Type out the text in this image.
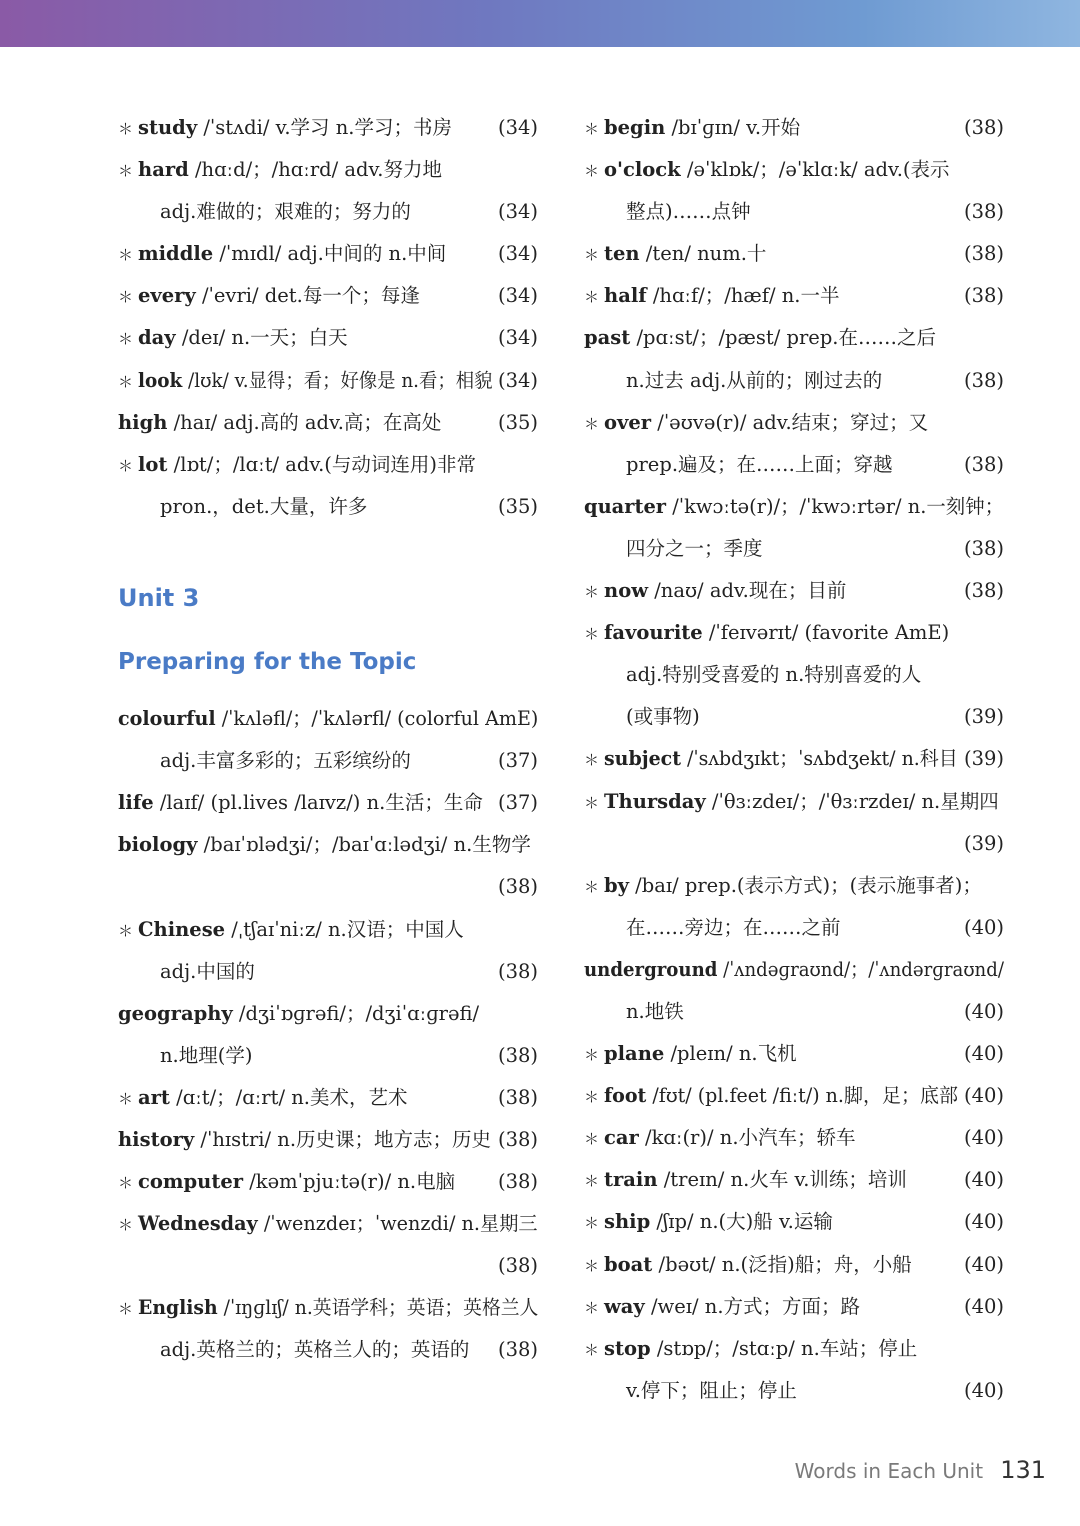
＊ study /ˈstʌdi/ v.学习 n.学习；书房 (34)
＊ hard /hɑːd/；/hɑːrd/ adv.努力地
adj.难做的；艰难的；努力的	(34)
＊ middle /ˈmɪdl/ adj.中间的 n.中间	(34)
＊ every /ˈevri/ det.每一个；每逢	(34)
＊ day /deɪ/ n.一天；白天	(34)
＊ look /lʊk/ v.显得；看；好像是 n.看；相貌 (34)
high /haɪ/ adj.高的 adv.高；在高处	(35)
＊ lot /lɒt/；/lɑːt/ adv.(与动词连用)非常
pron.，det.大量，许多	(35)
Unit 3
Preparing for the Topic
colourful /ˈkʌləfl/；/ˈkʌlərfl/ (colorful AmE)
adj.丰富多彩的；五彩缤纷的	(37)
life /laɪf/ (pl.lives /laɪvz/) n.生活；生命 (37)
biology /baɪˈɒlədʒi/；/baɪˈɑːlədʒi/ n.生物学
(38)
＊ Chinese /ˌtʃaɪˈniːz/ n.汉语；中国人
adj.中国的	(38)
geography /dʒiˈɒɡrəfi/；/dʒiˈɑːɡrəfi/
n.地理(学)	(38)
＊ art /ɑːt/；/ɑːrt/ n.美术，艺术	(38)
history /ˈhɪstri/ n.历史课；地方志；历史 (38)
＊ computer /kəmˈpjuːtə(r)/ n.电脑 (38)
＊ Wednesday /ˈwenzdeɪ；ˈwenzdi/ n.星期三
(38)
＊ English /ˈɪŋɡlɪʃ/ n.英语学科；英语；英格兰人
adj.英格兰的；英格兰人的；英语的 (38)
＊ begin /bɪˈɡɪn/ v.开始	(38)
＊ o'clock /əˈklɒk/；/əˈklɑːk/ adv.(表示
整点)……点钟	(38)
＊ ten /ten/ num.十	(38)
＊ half /hɑːf/；/hæf/ n.一半	(38)
past /pɑːst/；/pæst/ prep.在……之后
n.过去 adj.从前的；刚过去的	(38)
＊ over /ˈəʊvə(r)/ adv.结束；穿过；又
prep.遍及；在……上面；穿越	(38)
quarter /ˈkwɔːtə(r)/；/ˈkwɔːrtər/ n.一刻钟；
四分之一；季度	(38)
＊ now /naʊ/ adv.现在；目前	(38)
＊ favourite /ˈfeɪvərɪt/ (favorite AmE)
adj.特别受喜爱的 n.特别喜爱的人
(或事物)	(39)
＊ subject /ˈsʌbdʒɪkt；ˈsʌbdʒekt/ n.科目 (39)
＊ Thursday /ˈθɜːzdeɪ/；/ˈθɜːrzdeɪ/ n.星期四
(39)
＊ by /baɪ/ prep.(表示方式)；(表示施事者)；
在……旁边；在……之前	(40)
underground /ˈʌndəɡraʊnd/；/ˈʌndərɡraʊnd/
n.地铁	(40)
＊ plane /pleɪn/ n.飞机	(40)
＊ foot /fʊt/ (pl.feet /fiːt/) n.脚，足；底部 (40)
＊ car /kɑː(r)/ n.小汽车；轿车	(40)
＊ train /treɪn/ n.火车 v.训练；培训	(40)
＊ ship /ʃɪp/ n.(大)船 v.运输	(40)
＊ boat /bəʊt/ n.(泛指)船；舟，小船	(40)
＊ way /weɪ/ n.方式；方面；路	(40)
＊ stop /stɒp/；/stɑːp/ n.车站；停止
v.停下；阻止；停止	(40)
Words in Each Unit 131
